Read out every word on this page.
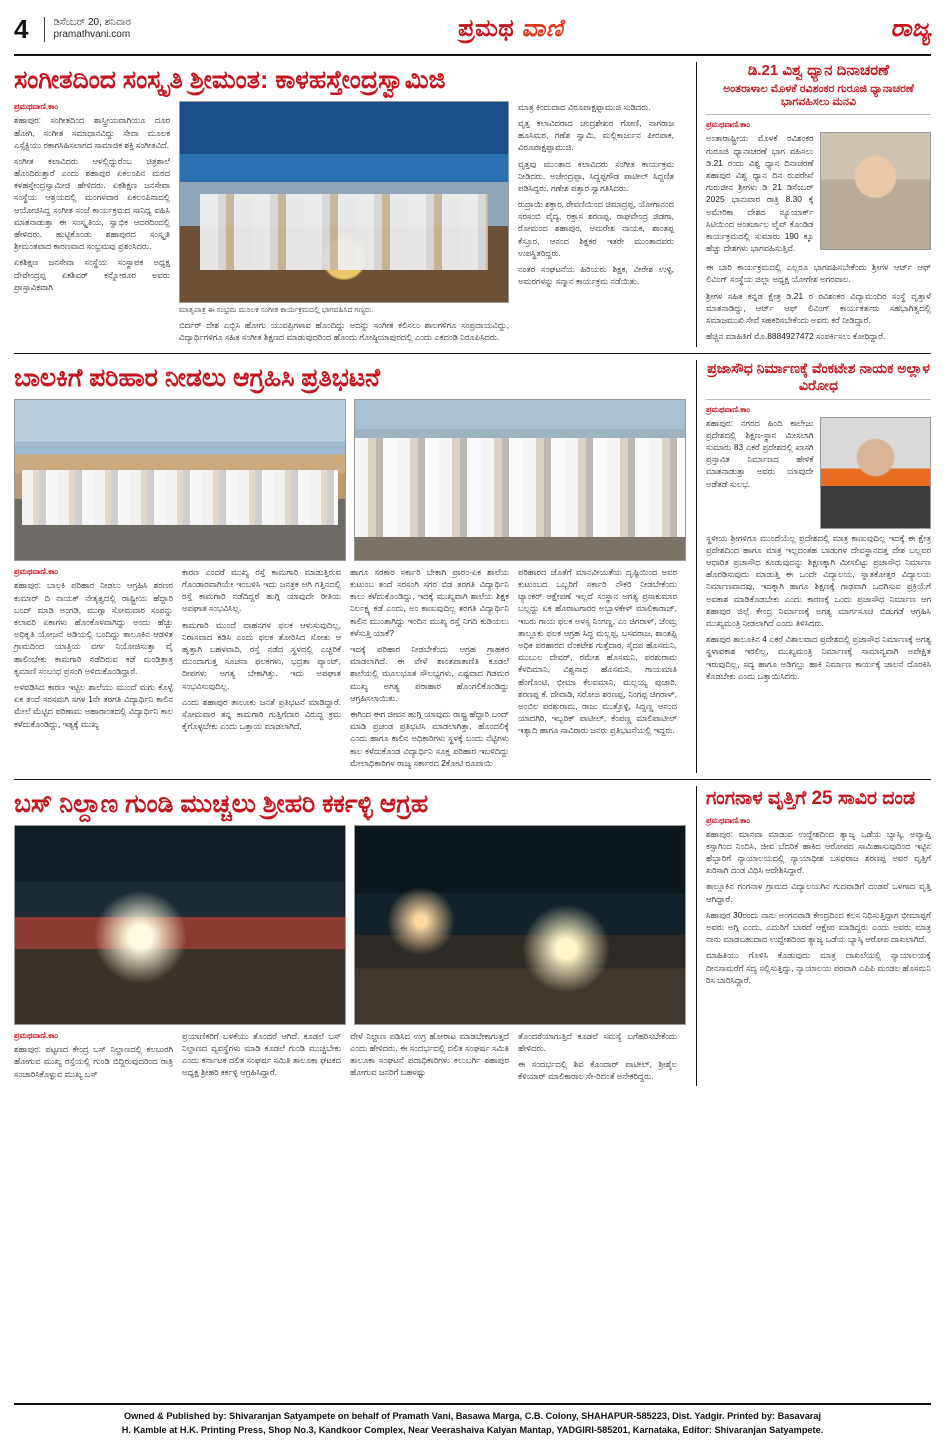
4	ಡಿಸೆಂಬರ್ 20, ಶನಿವಾರ
pramathvani.com	ಪ್ರಮಥ ವಾಣಿ	ರಾಜ್ಯ
ಸಂಗೀತದಿಂದ ಸಂಸ್ಕೃತಿ ಶ್ರೀಮಂತ: ಕಾಳಹಸ್ತೇಂದ್ರಸ್ವಾಮಿಜಿ
ಪ್ರಮಥವಾಣಿ.ಕಾಂ

ಶಹಾಪುರ: ಸಂಗೀತದಿಂದ ಶಾಸ್ತ್ರೀಯವಾಗಿಯೂ ದೂರ ಹೋಗಿ, ಸಂಗೀತ ಸಮಾಧಾನವಿದ್ದು ಸೇವಾ ಮೂಲಕ ಎಸ್ಸೆಕ್ಟಿಯು ರಕಾಗಸಿಹಿಸಲಾಗದ ಸಾಮಾಜಿಕ ಶಕ್ತಿ ಸಂಗೀತವಿದೆ.

ಸಂಗೀತ ಕಲಾವಿದರು ಆಳಲ್ಲಿದ್ದುರೆಂಬ ಚಿತ್ರಶಾಲೆ ಹೊಂದಿರುತ್ತಾರೆ ಎಂದು ಶಹಾಪುರ ಏಕಲಂಪಿನ ಮಠದ ಕಳಹಸ್ತೇಂದ್ರಸ್ವಾಮೀಜಿ ಹೇಳಿದರು. ಏಕಶಿಕ್ಷಣ ಜನಸೇವಾ ಸಂಸ್ಥೆಯ ಆಶ್ರಯದಲ್ಲಿ ಮಂಗಳವಾರ ಏಕಲಂಪಿನಾದಲ್ಲಿ ಆಯೋಜಿಸಿದ್ದ ಸಂಗೀತ ಸಂಜೆ ಕಾರ್ಯಕ್ರಮದ ಸಾನಿಧ್ಯ ವಹಿಸಿ ಮಾತನಾಡುತ್ತಾ ಈ ಸಂಸ್ಕೃತಿಯ, ಸ್ವಾಭಿಕ ಆದರದಿಂದಲ್ಲಿ ಹೇಳಿದರು. ಹುಟ್ಟಿಕೊಂಡು ಶಹಾಪುರದ ಸಂಸ್ಕೃತಿ ಶ್ರೀಮಂತವಾದ ಕಾರಣವಾದ ಸಂಭ್ರಮವು ಪ್ರಶಂಸಿದರು.

ಏಕಶಿಕ್ಷಣ ಜನಸೇವಾ ಸಂಸ್ಥೆಯ ಸಂಸ್ಥಾಪಕ ಅಧ್ಯಕ್ಷ ದೇವೇಂದ್ರಪ್ಪ ಏಕಶಿವರ್ ಕನ್ನೋರೂರ ಅವರು ಪ್ರಾಸ್ತಾವಿಕವಾಗಿ

ಮಾತೃಪಾತ್ರ ಈ ಸಂಭ್ರಮ ಮೂಲಕ ಸಂಗೀತ ಕಾರ್ಯಕ್ರಮದಲ್ಲಿ ಭಾಗವಹಿಸಿದ ಗಣ್ಯರು.

ಬಿರ್ದರ್ ದೇಶ ಎಬ್ಬಿಸಿ ಹೋಗು ಯುವಪ್ರಿಗಳಾವ ಹೊಂದಿದ್ದು ಅದನ್ನು ಸಂಗೀತ ಕಲಿಸಲು ಶಾಲಗಳಿಗೂ ಸಂಪ್ರದಾಯವಿದ್ದು, ವಿದ್ಯಾರ್ಥಿಗಳಿಗೂ ಸಹಿತ ಸಂಗೀತ ಶಿಕ್ಷಣದ ಮಾಡುವುದರಿಂದ ಹೊಂದು ಗೋಷ್ಠಿಯಾಪುರದಲ್ಲಿ ಎಂದು ಎಕದಂಡಿ ನಿರೂಪಿಸಿದರು.

ಮಾತ್ರ ಕಿಂದುದಾದ ವಿರೂಪಾಕ್ಷಪ್ಪಾಮುಜಿ ಸುಡಿದರು.

ವೃತ್ತ ಕಲಾವಿದರಾದ ಚಂದ್ರಶೇಖರ ಗೋಣಿ, ನಾಗರಾಜ ಹೂಸಿಮಠ, ಗಣೆಶ ಸ್ವಾಮಿ, ಮಲ್ಲಿಕಾರ್ಜುನ ಪೀರಪಾಕ, ವಿರೂಪಾಕ್ಷಪ್ಪಾಮುಜಿ.

ವೃತ್ತವು ಮುಂತಾದ ಕಲಾವಿದರು ಸಂಗೀತ ಕಾರ್ಯಕ್ರಮ ನೀಡಿದರು. ಅಜೇಂದ್ರಪ್ಪಾ, ಸಿದ್ದಪ್ಪಗೌಡ ಪಾಟೀಲ್ ಸಿದ್ದಣಿತ ಪಡಿಸಿದ್ದರು. ಗಣೇಶ ಪತ್ತಾರ ಸ್ವಾಗತಿಸಿದರು.

ರುದ್ರಾಯಿ ಶಕ್ತಾರ, ರೇವಣಿಯಿಂದ ಜಿಮಾದ್ರಪ್ಪ, ಯೋಗಾನಂದ ಸರಸಂಬಿ ವೈದ್ಯ, ರಕ್ತಾಸ ಶರಣಪ್ಪ, ರಾಘವೇಂದ್ರ ಜಿಡಗಾ, ರೋಮಂದ ಶಹಾಪುರ, ಅಮರೇಶ ನಾಯಕ, ಶಾಂತಪ್ಪ ಕೆಸ್ತೂರ, ಆನಂದ ಶಿಕ್ಷಕರ ಇತರೇ ಮುಂತಾದವರು ಉಪಸ್ಥಿತರಿದ್ದರು.

ನಂತರ ಸಂಘಟನೆಯ ಹಿರಿಯರು ಶಿಕ್ಷಕ, ವೀರೇಶ ಉಳ್ಳಿ, ಅಮರಗಳನ್ನು ಸನ್ಮಾನ ಕಾರ್ಯಕ್ರಮ ನಡೆಯಿತು.

ಡಿ.21 ವಿಶ್ವ ಧ್ಯಾನ ದಿನಾಚರಣೆ
ಅಂತರಾಳಾಲ ಮೊಳಕೆ ರವಿಶಂಕರ ಗುರೂಜಿ ಧ್ಯಾನಾಚರಣೆ ಭಾಗವಹಿಸಲು ಮನವಿ
ಪ್ರಮಥವಾಣಿ.ಕಾಂ

ಅಂತಾರಾಷ್ಟ್ರೀಯ ಮೊಳಕೆ ರವಿಶಂಕರ ಗುರೂಜಿ ಧ್ಯಾನಾಚರಣೆ ಭಾಗ ವಹಿಸಲು ಡಿ.21 ರಂದು ವಿಶ್ವ ಧ್ಯಾನ ದಿನಾಚರಣೆ ಶಹಾಪುರ ವಿಶ್ವ ಧ್ಯಾನ ದಿನ ರುಪರೇಖೆ ಗುರುಜೀನ ಶ್ರೀಗಳು ಡಿ 21 ಡಿಸೆಂಬರ್ 2025 ಭಾನುವಾರ ರಾತ್ರಿ 8.30 ಕ್ಕೆ ಅಮೇರಿಕಾ ದೇಶದ ನ್ಯೂಯಾರ್ಕ್ ಸಿಟಿಯಿಂದ ಅಂತರ್ಜಾಲ ಲೈವ್ ಕೊಂಡಿಡ ಕಾರ್ಯಕ್ರಮದಲ್ಲಿ ಸುಮಾರು 190 ಕ್ಕೂ ಹೆಚ್ಚು ದೇಶಗಳು ಭಾಗವಹಿಸುತ್ತಿವೆ.

ಈ ಬಾರಿ ಕಾರ್ಯಕ್ರಮದಲ್ಲಿ ಎಲ್ಲರೂ ಭಾಗವಹಿಸಬೇಕೆಂದು ಶ್ರೀಗಳ ಆರ್ಟ್ ಆಫ್ ಲಿವಿಂಗ್ ಸಂಸ್ಥೆಯ ಜಿಲ್ಲಾ ಅಧ್ಯಕ್ಷ ಯೋಗೇಶ ಅಗರವಾಲ.

ಶ್ರೀಗಳ ಸಹಿತ ಕನ್ನಡ ಕ್ಷೇತ್ರ ಡಿ.21 ರ ರವಿಶಂಕರ ವಿದ್ಯಾಮಂದಿರ ಸಂಸ್ಥೆ ವೃತ್ತಾಳೆ ಮಾತನಾಡಿದ್ದು, ಆರ್ಟ್ ಆಫ್ ಲಿವಿಂಗ್ ಕಾರ್ಯಕರ್ತರು ಸಹಭಾಗಿತ್ವದಲ್ಲಿ ಸಮಾಜಮುಖಿ ಸೇವೆ ಸಹಕರಿಸಬೇಕೆಂದು ಅವರು ಕರೆ ನೀಡಿದ್ದಾರೆ.

ಹೆಚ್ಚಿನ ಮಾಹಿತಿಗೆ ಮೊ.8884927472 ಸಂಪರ್ಕಿಸಲು ಕೋರಿದ್ದಾರೆ.

ಬಾಲಕಿಗೆ ಪರಿಹಾರ ನೀಡಲು ಆಗ್ರಹಿಸಿ ಪ್ರತಿಭಟನೆ
ಪ್ರಮಥವಾಣಿ.ಕಾಂ

ಶಹಾಪುರ: ಬಾಲಕಿ ಪರಿಹಾರ ನೀಡಲು ಆಗ್ರಹಿಸಿ ಶರಣರ ಕುಮಾರ್ ದಿ ನಾಯಕ್ ನೇತೃತ್ವದಲ್ಲಿ ರಾಷ್ಟ್ರೀಯ ಹೆದ್ದಾರಿ ಬಂದ್ ಮಾಡಿ ಅಂಗಡಿ, ಮುಗ್ಗಾ ಸೋಮವಾರ ಸಂಪನ್ನು ಕಲಾವರಿ ಏಕಾಗಳು ಹೊಂಕೊಳವಾಗಿದ್ದು ಅಂದು ಹೆಚ್ಚು ಅಧಿಕೃತಿ ಯೋಜನೆ ಅಡಿಯಲ್ಲಿ ಬಂದಿದ್ದು ತಾಲೂಕಿನ ಆಡಳಿತ ಗ್ರಾಮದಿಂದ ಯಾತ್ರಿಯ ವರ್ಗ ನಿಯೋಜಿಸುತ್ತಾ ವೈ ಹಾಲಿಂಬೇಕು ಕಾಮಗಾರಿ ನಡೆದಿರುವ ಕಡೆ ಮಂಡಿತ್ರಾತ್ರ ಕೃಮಾಣಿ ಸಂಬಂಧ ಪ್ರಸಂಗಿ ಅಳಿದುಕೊಂಡಿದ್ದಾರೆ.

ಅಳವಡಿಸಿದ ಕಾರಣ ಇಟ್ಟಿಲ ಶಾಲೆಯು ಮುಂದೆ ಮಗು ಕೊಳ್ಳೆ ಏಕ ತಂದೆ ಸರಸಮಗಿ ಸಗಳ 1ನೇ ತರಗತಿ ವಿದ್ಯಾರ್ಥಿನಿ ಕಾಲಿನ ಮೇಲೆ ಮೆಟ್ಟಿದ ಪರಿಣಾಮ ಅಹಾರಾಂತದಲ್ಲಿ ವಿದ್ಯಾರ್ಥಿನಿ ಕಾಲ ಕಳೆದುಕೊಂಡಿದ್ದು, ಇತ್ಯಕ್ಕೆ ಮುಖ್ಯ

ಕಾರಣ ಎಂದರೆ ಮುಖ್ಯ ರಸ್ತೆ ಕಾಮಗಾರಿ ಮಾಡುತ್ತಿರುವ ಗೊಂಡಾರವಾಗಿಯೇ ಇಂಬಳಿಸಿ ಇದು ಜನತ್ರಕ ಆಗಿ ಗತ್ತಿನದಲ್ಲಿ ರಸ್ತೆ ಕಾಮಗಾರಿ ನಡೆದಿದ್ದರೆ ಹುಗ್ಗಿ ಯಾವುದೇ ರೀತಿಯ ಅಪಘಾತ ಸಂಭವಿಸಿಲ್ಲ.

ಕಾಮಗಾರಿ ಮುಂದೆ ವಾಹನಗಳ ಫಲಕ ಆಳುಸುವುದಿಲ್ಲ, ನಿರಾಸವಾದ ಕಡಿಸಿ ಎಂದು ಫಲಕ ತೋರಿಸಿದ ಸೋತು ಆ ಹೃತ್ತಾಗಿ ಬಹಳವಾದಿ, ರಸ್ತೆ ನಡೆದ ಸ್ಥಳದಲ್ಲಿ ಎಚ್ಚರಿಕೆ ಮುಂದಾಗುತ್ತ ಸೂಚನಾ ಫಲಕಗಳು, ಭದ್ರತಾ ಪ್ಯಾಂಟ್, ದೀಪಗಳು ಅಗತ್ಯ ಬೇಕಾಗಿತ್ತು. ಇದು ಅಪಘಾತ ಸಂಭವಿಸುವುದಿಲ್ಲ.

ಎಂದು ಶಹಾಪುರ ತಾಲೂಕು ಜನತೆ ಪ್ರತಿಭಟನೆ ಮಾಡಿದ್ದಾರೆ. ಸೋಮವಾರ ತನ್ನ ಕಾಮಗಾರಿ ಗುತ್ತಿಗೆದಾರ ವಿರುದ್ಧ ಕ್ರಮ ಕೈಗೊಳ್ಳಬೇಕು ಎಂದು ಒತ್ತಾಯ ಮಾಡಲಾಗಿದೆ.

ಹಾಗೂ ಸರಕಾರ ಸರ್ಕಾರಿ ಬೇಕಾಗಿ ಪ್ರಾರಂ-ಏಕ ಶಾಲೆಯ ಕುಟುಂಬ ತಂದೆ ಸರಸಂಗಿ ಸಗರ ಬಿಡ ತರಗತಿ ವಿದ್ಯಾರ್ಥಿನಿ ಕಾಲು ಕಳೆದುಕೊಂಡಿದ್ದು, ಇದಕ್ಕೆ ಮುಖ್ಯವಾಗಿ ಶಾಲೆಯ ಶಿಕ್ಷಕ ನಿರ್ಲಕ್ಷ್ಯ ಕಡೆ ಎಂದು, ಅಂ ಕಾಣುವುದಿಲ್ಲ ತರಗತಿ ವಿದ್ಯಾರ್ಥಿನಿ ಕಾಲಿನ ಮುಂತಾಗಿದ್ದು ಇಂದಿನ ಮುಖ್ಯ ರಸ್ತೆ ನಿಗದಿ ಕುಡಿಯಲು ಕಳೆಸುತ್ತಿ ಯಾಕೆ?

ಇದಕ್ಕೆ ಪರಿಹಾರ ನೀಡಬೇಕೆಂದು ಆಗ್ರಹ ಗ್ರಾಹಕರ ಮಾಡಲಾಗಿದೆ. ಈ ವೇಳೆ ಶಾಂತಪಾತಾಣಿತಿ ಕೂಡಲೆ ಶಾಲೆಯಲ್ಲಿ ಮೂಲಭೂತ ಸೌಲಭ್ಯಗಳು, ಎಷ್ಟವಾದ ಗಿಡಮರ ಮುಖ್ಯ ಅಗತ್ಯ ಪರಾಹಾರ ಹೊಂಗಲಿಕೊಂಡಿದ್ದು ಆಗ್ರಹಿಸಲಾಯಿತು.

ಈಗಿಂದ ಈಗ ಜೀವನ ಹುಗ್ಗಿ ಯಾವುದು ರಾಷ್ಟ್ರ ಹೆದ್ದಾರಿ ಬಂದ್ ಮಾಡಿ ಪ್ರಚಂಡ ಪ್ರತಿಭಟಿಸಿ ಮಾಡಲಾಗಿತ್ತಾ, ಹೊಂದಲಿಕ್ಕೆ ಎಂದು ಹಾಗೂ ಕಾಲಿನ ಅಧಿಕಾರಿಗಳು ಸ್ಥಳಕ್ಕೆ ಬಂದು ನೆಟ್ಟಿಗಳು ಕಾಲ ಕಳೆದುಕೊಂಡ ವಿದ್ಯಾರ್ಥಿನಿ ಸೂಕ್ತ ಪರಿಹಾರ ಇಬಳಿದಿದ್ದು ಮೇಲಾಧಿಕಾರಿಗಳ ರಾಜ್ಯ ಸರ್ಕಾರದ 2ಕೋಟಿ ರೂಪಾಯಿ

ಪರಿಹಾರದ ಜೊತೆಗೆ ಮಾನವೀಯತೆಯ ದೃಷ್ಟಿಯಿಂದ ಅವರ ಕುಟುಂಬದ ಒಬ್ಬರಿಗೆ ಸರ್ಕಾರಿ ನೌಕರಿ ನೀಡಬೇಕೆಂದು ಟ್ಯಾಂಕರ್ ಆಕ್ಷೇಪಣೆ ಇಲ್ಲದೆ ಸಂಸ್ಥಾನ ಅಗತ್ಯ ಪ್ರಸಾಕುಮಾರ ಬಲ್ಲದ್ದು ಏಕ ಹೊರಾಟಗಾರರ ಅಬ್ಬಾಳಕೇಳ್ ಮಾಲಿಕಾರಾಜ್, ಇಬರು ಗಾಯ ಫಲಕ ಅಳಸ್ಸ ನಿಂಗಣ್ಣ, ಎಂ ಚಿಗರಾಳ್, ಜೆಂಮ್ರ ತಾಲ್ಲೂಕು ಫಲಕ ಆಗ್ರಹ ಸಿದ್ಧ ಮಲ್ಲಪ್ಪ, ಬಸವರಾಜ, ಶಾಂತಪ್ಪಿ ಅಧಿಕ ಪರಹಾರದ ವೆಂಕಟೇಶ ಗುತ್ತೆದಾರ, ಸೈದಪ ಹೊಸಮನಿ, ಮುಬುಲ ದೇವರ್, ರಮೇಶ ಹೊಸಮನಿ, ಪರಶುರಾಮ ಕೆಳದಿಮಾನಿ, ವಿಶ್ವನಾಥ ಹೊಸಮನಿ, ಗಾಯಮಾತಿ ಹೆಂಗೊಂಟಿ, ಭೀಮಾ ಕೆಲವಮಾನಿ, ಮಲ್ಲಯ್ಯ ಪುಜಾರಿ, ಶರಣಪ್ಪ ಕೆ. ದೇವಾಡಿ, ಸರೋಜ ಶರಣಪ್ಪ, ನಿಂಗಪ್ಪ ಚಿಗರಾಳ್, ಅಂಬಿಲ ಪರಶುರಾಮ, ರಾಜು ಮುತ್ತೊಳ್ಳಿ, ಸಿದ್ದಣ್ಣ ಆನಂದ ಯಾದಗಿರಿ, ಇಬ್ಬರಿಕ್ ಪಾಟೀಲ್, ಕೆಂಪಣ್ಣ ಮಾಲಿಪಾಟೀಲ್ ಇತ್ಯಾದಿ ಹಾಗೂ ಸಾವಿರಾರು ಜನರು ಪ್ರತಿಭಟನೆಯಲ್ಲಿ ಇದ್ದರು.

ಪ್ರಜಾಸೌಧ ನಿರ್ಮಾಣಕ್ಕೆ ವೆಂಕಟೇಶ ನಾಯಕ ಅಲ್ಲಾಳ ವಿರೋಧ
ಪ್ರಮಥವಾಣಿ.ಕಾಂ

ಶಹಾಪುರ: ನಗರದ ಹಿಂದಿ ಕಾಲೇಜು ಪ್ರದೇಶದಲ್ಲಿ ಶಿಕ್ಷಣ-ಸ್ಥಾನ ಮೀಸಲಾಗಿ ಸುಮಾರು 83 ಎಕರೆ ಪ್ರದೇಶದಲ್ಲಿ ಖಾಸಗಿ ಪ್ರಸ್ತಾವಿತ ನಿರ್ಮಾಣದ ಹೇಳಿಕೆ ಮಾತನಾಡುತ್ತಾ ಅವರು ಯಾವುದೇ ಅಡೆತಡೆ ಸುಲಭ.

ಸ್ಥಳೀಯ ಶ್ರೀಗಳಿಗೂ ಮುಂದೆಯೆಲ್ಲ ಪ್ರದೇಶದಲ್ಲಿ ಮಾತ್ರ ಕಾಣುವುದಿಲ್ಲ ಇದಕ್ಕೆ ಈ ಕ್ಷೇತ್ರ ಪ್ರದೇಶದಿಂದ ಹಾಗೂ ಮಾತ್ರ ಇಲ್ಲದಂತಹ ಬಾಡುಗಳ ದೇವಸ್ಥಾನದತ್ತ ದೇಶ ಬಲ್ಲವರ ಆಧಾರಿತ ಪ್ರಜಾಸೌಧ ಕೂಡುವುದನ್ನು ಶಿಕ್ಷಣಕ್ಕಾಗಿ ಮೀಸಲಿಟ್ಟು ಪ್ರಜಾಸೌಧ ನಿರ್ಮಾಣ ಹೊರಡಿಸುವುದು ಮಾಡುತ್ತಿ ಈ ಒಂದೇ ವಿದ್ಯಾಲಯ, ಸ್ನಾತಕೋತ್ತರ ವಿದ್ಯಾಲಯ ನಿರ್ಮಾಣವಾದವು, ಇದಕ್ಕಾಗಿ ಹಾಗೂ ಶಿಕ್ಷಣಕ್ಕೆ ಗಾಢವಾಗಿ ಒದಗಿಸುವ ಪ್ರಕ್ರಿಯೆಗೆ ಅವಕಾಶ ಮಾಡಿಕೊಡಬೇಕು ಎಂದು ಕಾರಣಕ್ಕೆ ಒಂದು ಪ್ರಜಾಸೌಧ ನಿರ್ಮಾಣ ಆಗ ಶಹಾಪುರ ಜಿಲ್ಲೆ ಕೇಂದ್ರ ನಿರ್ಮಾಣಕ್ಕೆ ಅಗತ್ಯ ಮಾರ್ಗಸೂಚಿ ಬಿಡುಗಡೆ ಆಗ್ರಹಿಸಿ ಮುಖ್ಯಮಂತ್ರಿ ನೀಡಲಾಗಿದೆ ಎಂದು ತಿಳಿಸಿದರು.

ಶಹಾಪುರ ತಾಲೂಕಿನ 4 ಎಕರೆ ವಿಶಾಲವಾದ ಪ್ರದೇಶದಲ್ಲಿ ಪ್ರಜಾಸೌಧ ನಿರ್ಮಾಣಕ್ಕೆ ಅಗತ್ಯ ಸ್ಥಳಾವಕಾಶ ಇರಲಿಲ್ಲ, ಮುಖ್ಯಮಂತ್ರಿ ನಿರ್ಮಾಣಕ್ಕೆ ಸಾಮಾನ್ಯವಾಗಿ ಅಪೇಕ್ಷಿತ ಇರುವುದಿಲ್ಲ, ಸದ್ಯ ಹಾಗೂ ಅಡಿಗಲ್ಲು ಹಾಕಿ ನಿರ್ಮಾಣ ಕಾರ್ಯಕ್ಕೆ ಚಾಲನೆ ದೊರಕಿಸಿ ಕೊಡಬೇಕು ಎಂದು ಒತ್ತಾಯಿಸಿದರು.

ಬಸ್ ನಿಲ್ದಾಣ ಗುಂಡಿ ಮುಚ್ಚಲು ಶ್ರೀಹರಿ ಕರ್ಕಳ್ಳಿ ಆಗ್ರಹ
ಪ್ರಮಥವಾಣಿ.ಕಾಂ

ಶಹಾಪುರ: ಪಟ್ಟಣದ ಕೇಂದ್ರ ಬಸ್ ನಿಲ್ದಾಣದಲ್ಲಿ ಕಲಬುರಗಿ ಹೋಗುವ ಮುಖ್ಯ ರಸ್ತೆಯಲ್ಲಿ ಗುಂಡಿ ಬಿದ್ದಿರುವುದರಿಂದ ರಾತ್ರಿ ಸಂಚಾರಿಸಿಕೊಳ್ಳುವ ಮುಖ್ಯ ಬಸ್

ಪ್ರಯಾಣಿಕರಿಗೆ ಬಳಕೆಯು ತೊಂದರೆ ಆಗಿದೆ. ಕೂಡಲೆ ಬಸ್ ನಿಲ್ದಾಣದ ವ್ಯವಸ್ಥೆಗಳು ಮಾಡಿ ಕೂಡಲೆ ಗುಂಡಿ ಮುಚ್ಚಬೇಕು ಎಂದು ಕರ್ನಾಟಕ ದಲಿತ ಸಂಘರ್ಷ ಸಮಿತಿ ತಾಲೂಕಾ ಘಟಕದ ಅಧ್ಯಕ್ಷ ಶ್ರೀಹರಿ ಕರ್ಕಳ್ಳಿ ಆಗ್ರಹಿಸಿದ್ದಾರೆ.

ವೇಳೆ ನಿಲ್ದಾಣ ಪಡಿಸಿದ ಉಗ್ರ ಹೋರಾಟ ಮಾಡಬೇಕಾಗುತ್ತದೆ ಎಂದು ಹೇಳಿದರು. ಈ ಸಂದರ್ಭದಲ್ಲಿ ದಲಿತ ಸಂಘರ್ಷ ಸಮಿತಿ ತಾಲೂಕಾ ಸಂಘಟನೆ ಪದಾಧಿಕಾರಿಗಳು ಕಲುಬರ್ಗಿ ಶಹಾಪುರ ಹೋಗುವ ಜನರಿಗೆ ಬಹಳಷ್ಟು

ತೊಂದರೆಯಾಗುತ್ತಿದೆ ಕೂಡಲೆ ಸಮಸ್ಯೆ ಬಗೆಹರಿಸಬೇಕೆಂದು ಹೇಳಿದರು.

ಈ ಸಂದರ್ಭದಲ್ಲಿ ಶಿವ ಕೊಂದಾರ್ ಪಾಟೀಲ್, ಶ್ರೀಶೈಲ ಕೆಳಿಯಾರ್ ಮಾಲಿಕಾರಾಲ ಸೇ-ರಿದಂತೆ ಅನೇಕರಿದ್ದರು.

ಗಂಗನಾಳ ವೃತ್ತಿಗೆ 25 ಸಾವಿರ ದಂಡ
ಪ್ರಮಥವಾಣಿ.ಕಾಂ

ಶಹಾಪುರ: ಮಾನವಾ ಮಾಡುವ ಉದ್ದೇಶದಿಂದ ತ್ಯಾಜ್ಯ ಒಡೆಯ ಬ್ಯಾಸ್ಕಿ, ಅವ್ಯಾಪ್ತಿ ಕಸ್ಸಾಗಿಂದ ನಿಂದಿಸಿ, ಜೀವ ಬೆದರಿಕೆ ಹಾಕಿದ ಆರೋಪದ ಸಾಮಿಹಾಸುವುದಿಂದ ಇಟ್ಟಿನ ಹೆಬ್ಬಾರಿಗೆ ನ್ಯಾಯಾಲಯದಲ್ಲಿ ನ್ಯಾಯಾಧೀಶ ಬಸವರಾಜ ಶರಣಪ್ಪ ಅವರ ವೃತ್ತಿಗೆ ಖರಿಸಾಗಿ ದಂಡ ವಿಧಿಸಿ ಆದೇಶಿಸಿದ್ದಾರೆ.

ತಾಲ್ಲೂಕಿನ ಗಂಗನಾಳ ಗ್ರಾಮದ ವಿದ್ಯಾಲಯಗಿನ ಗುದವಾಡಿಗೆ ದಂಡವೆ ಒಳಗಾದ ವೃತ್ತಿ ಆಗಿದ್ದಾರೆ.

ಸಿಹಾಪುರ 30ರಂದು ನಾನು ಅಂಗನವಾಡಿ ಕೇಂದ್ರದಿಂದ ಕಲಸ ನಿಧಿಸುತ್ತಿದ್ದಾಗ ಭೀಮಾಪ್ಪಗೆ ಅವರು ಅಗ್ಗಿ ಎಂದು, ಎದುರಿಗೆ ಬಾರದೆ ಆಕ್ಷೇಪ ಮಾಡಿದ್ದರು ಎಂದು ಅವರು ಮಾತ್ರ ನಾನು ಮಾಡಬಹುದಾದ ಉದ್ದೇಶದಿಂದ ತ್ಯಾಜ್ಯ ಒಡೆಯ ಬ್ಯಾಸ್ಕಿ ಆರೋಪ ದಾಖಲಾಗಿದೆ.

ಮಾಹಿತಿಯು ಗೊಳಿಸಿ ಕೊಡುವುದು ಮಾತ್ರ ದಾಖಲೆಯಲ್ಲಿ ನ್ಯಾಯಾಲಯಕ್ಕೆ ದೀನಸಾಮರೆಗೆ ಸದ್ಯ ಸಲ್ಲಿಸುತ್ತಿದ್ದು, ನ್ಯಾಯಾಲಯ ಪರವಾಗಿ ಎಪಿಪಿ ಮಂಡಲ ಹೊಸಮನಿ ರಿಸ ಬಾರಿಸಿದ್ದಾರೆ.

Owned & Published by: Shivaranjan Satyampete on behalf of Pramath Vani, Basawa Marga, C.B. Colony, SHAHAPUR-585223, Dist. Yadgir. Printed by: Basavaraj
H. Kamble at H.K. Printing Press, Shop No.3, Kandkoor Complex, Near Veerashaiva Kalyan Mantap, YADGIRI-585201, Karnataka, Editor: Shivaranjan Satyampete.
